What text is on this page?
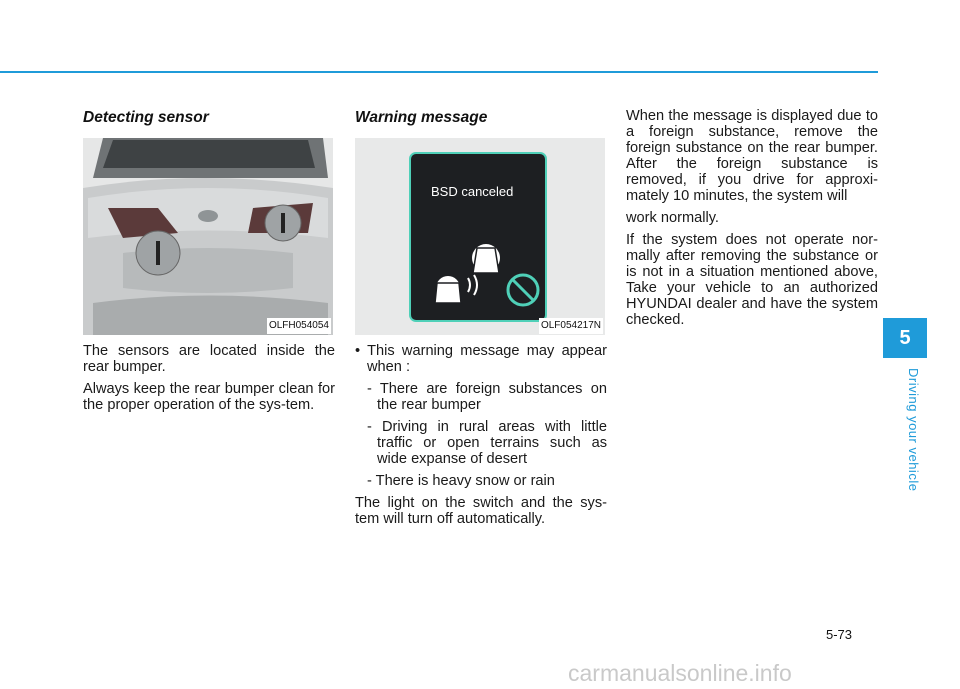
Detecting sensor
OLFH054054

The sensors are located inside the rear bumper.

Always keep the rear bumper clean for the proper operation of the sys-tem.

Warning message
BSD canceled
OLF054217N

• This warning message may appear when :

- There are foreign substances on the rear bumper

- Driving in rural areas with little traffic or open terrains such as wide expanse of desert

- There is heavy snow or rain

The light on the switch and the sys-tem will turn off automatically.

When the message is displayed due to a foreign substance, remove the foreign substance on the rear bumper. After the foreign substance is removed, if you drive for approxi-mately 10 minutes, the system will

work normally.

If the system does not operate nor-mally after removing the substance or is not in a situation mentioned above, Take your vehicle to an authorized HYUNDAI dealer and have the system checked.

5
Driving your vehicle
5-73
carmanualsonline.info
